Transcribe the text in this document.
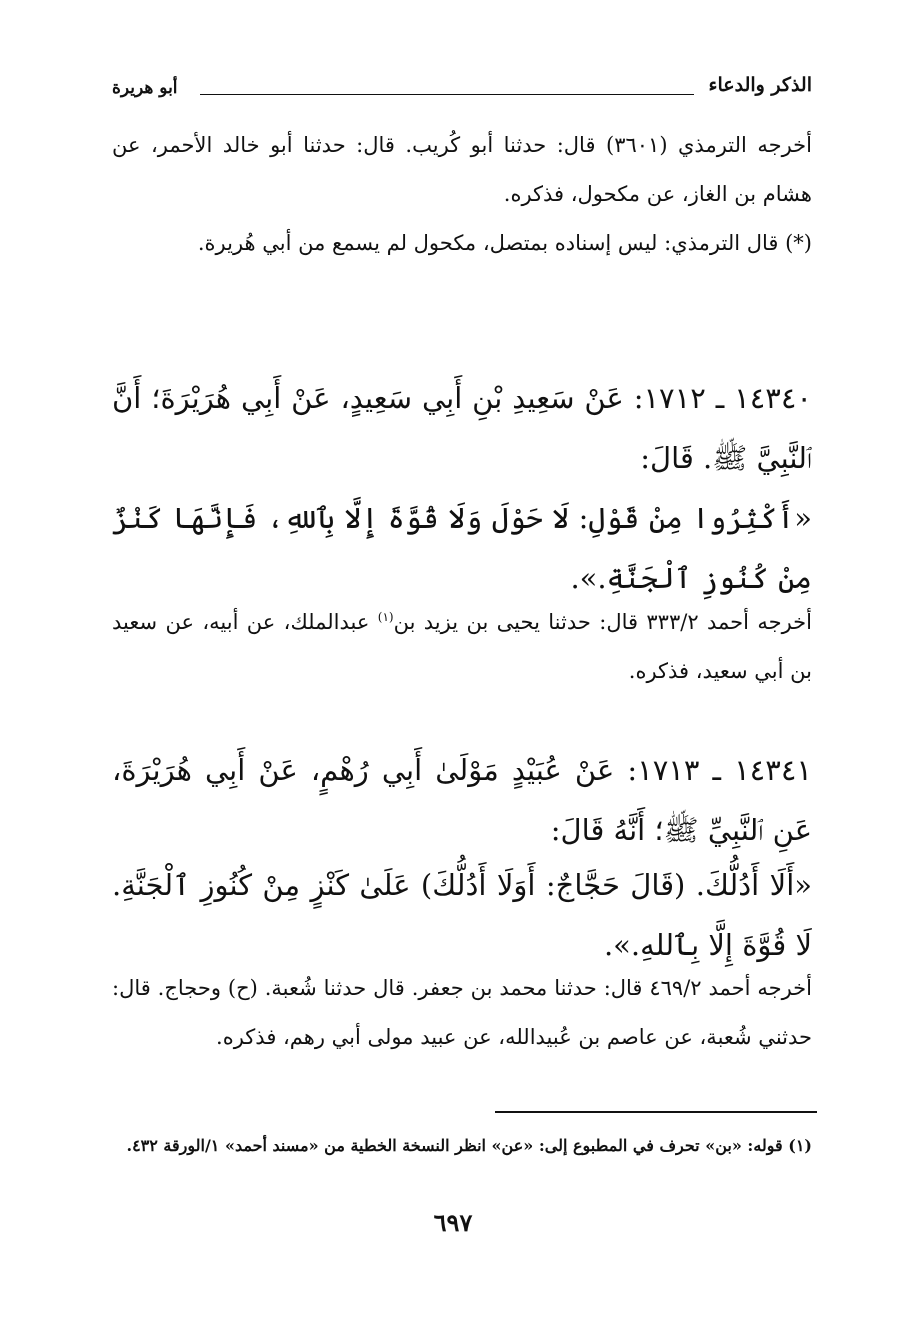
الذكر والدعاء
أبو هريرة
أخرجه الترمذي (٣٦٠١) قال: حدثنا أبو كُريب. قال: حدثنا أبو خالد الأحمر، عن هشام بن الغاز، عن مكحول، فذكره.
(*) قال الترمذي: ليس إسناده بمتصل، مكحول لم يسمع من أبي هُريرة.
١٤٣٤٠ ـ ١٧١٢: عَنْ سَعِيدِ بْنِ أَبِي سَعِيدٍ، عَنْ أَبِي هُرَيْرَةَ؛ أَنَّ ٱلنَّبِيَّ ﷺ. قَالَ:
«أَكْثِرُوا مِنْ قَوْلِ: لَا حَوْلَ وَلَا قُوَّةَ إِلَّا بِٱللهِ، فَإِنَّهَا كَنْزٌ مِنْ كُنُوزِ ٱلْجَنَّةِ.».
أخرجه أحمد ٣٣٣/٢ قال: حدثنا يحيى بن يزيد بن$^{(١)}$ عبدالملك، عن أبيه، عن سعيد بن أبي سعيد، فذكره.
١٤٣٤١ ـ ١٧١٣: عَنْ عُبَيْدٍ مَوْلَىٰ أَبِي رُهْمٍ، عَنْ أَبِي هُرَيْرَةَ، عَنِ ٱلنَّبِيِّ ﷺ؛ أَنَّهُ قَالَ:
«أَلَا أَدُلُّكَ. (قَالَ حَجَّاجٌ: أَوَلَا أَدُلُّكَ) عَلَىٰ كَنْزٍ مِنْ كُنُوزِ ٱلْجَنَّةِ. لَا قُوَّةَ إِلَّا بِٱللهِ.».
أخرجه أحمد ٤٦٩/٢ قال: حدثنا محمد بن جعفر. قال حدثنا شُعبة. (ح) وحجاج. قال: حدثني شُعبة، عن عاصم بن عُبيدالله، عن عبيد مولى أبي رهم، فذكره.
(١) قوله: «بن» تحرف في المطبوع إلى: «عن» انظر النسخة الخطية من «مسند أحمد» ١/الورقة ٤٣٢.
٦٩٧
